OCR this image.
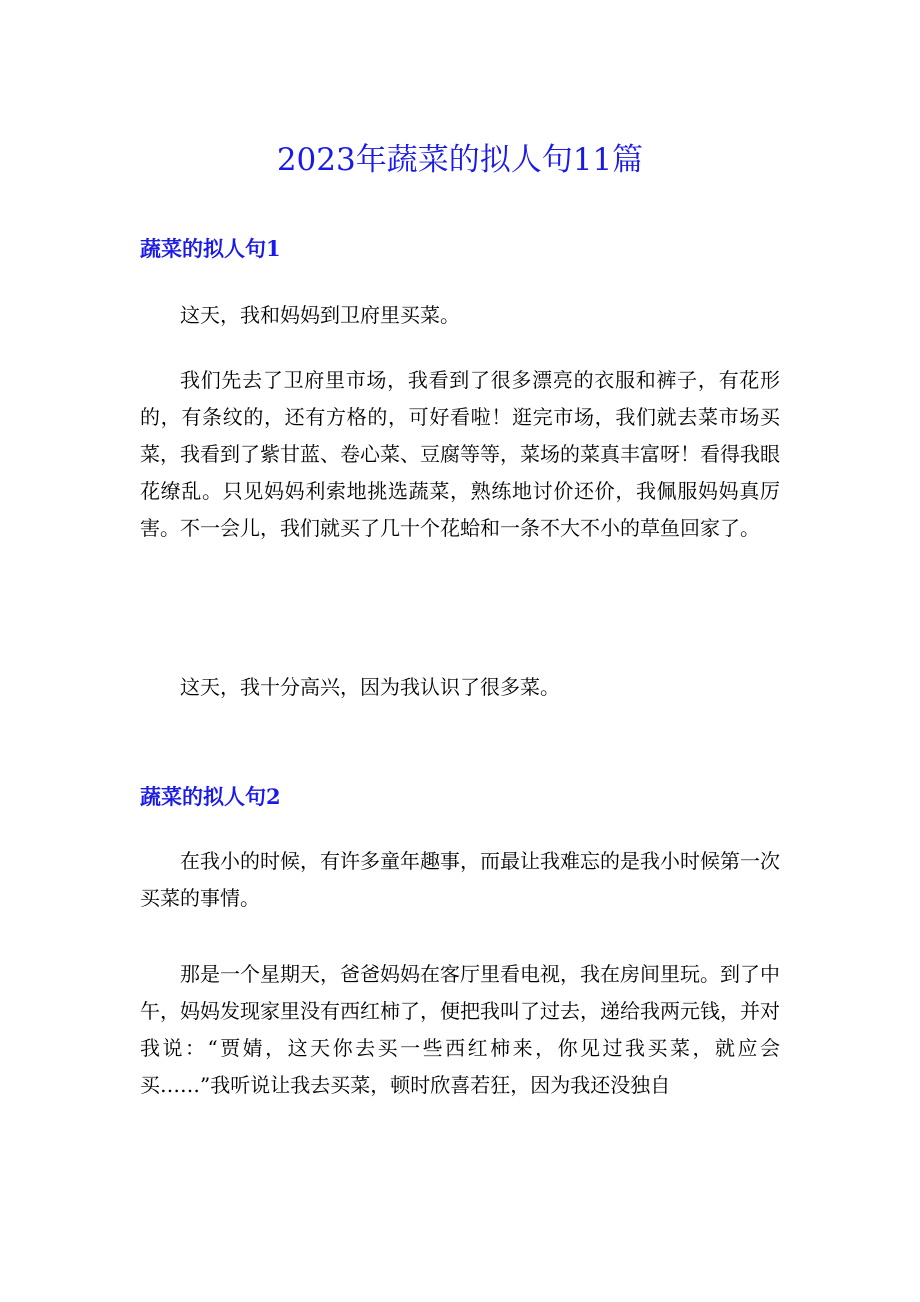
2023年蔬菜的拟人句11篇
蔬菜的拟人句1

这天，我和妈妈到卫府里买菜。

我们先去了卫府里市场，我看到了很多漂亮的衣服和裤子，有花形的，有条纹的，还有方格的，可好看啦！逛完市场，我们就去菜市场买菜，我看到了紫甘蓝、卷心菜、豆腐等等，菜场的菜真丰富呀！看得我眼花缭乱。只见妈妈利索地挑选蔬菜，熟练地讨价还价，我佩服妈妈真厉害。不一会儿，我们就买了几十个花蛤和一条不大不小的草鱼回家了。

这天，我十分高兴，因为我认识了很多菜。

蔬菜的拟人句2

在我小的时候，有许多童年趣事，而最让我难忘的是我小时候第一次买菜的事情。

那是一个星期天，爸爸妈妈在客厅里看电视，我在房间里玩。到了中午，妈妈发现家里没有西红柿了，便把我叫了过去，递给我两元钱，并对我说：“贾婧，这天你去买一些西红柿来，你见过我买菜，就应会买……”我听说让我去买菜，顿时欣喜若狂，因为我还没独自
